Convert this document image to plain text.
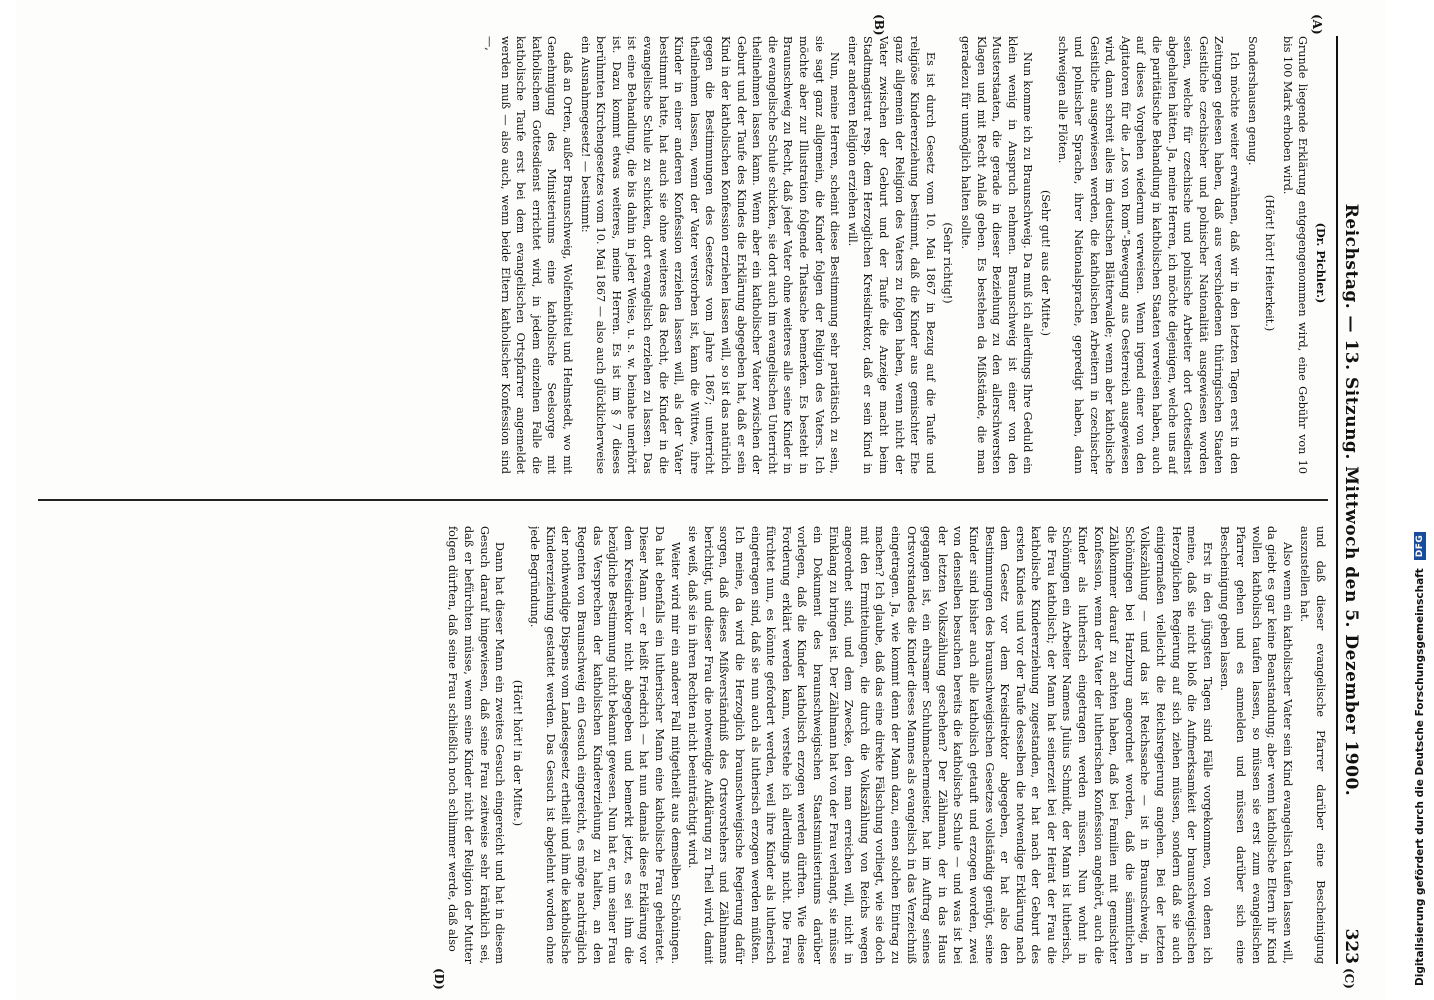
Reichstag. — 13. Sitzung. Mittwoch den 5. Dezember 1900.
323
(A)
(B)
(C)
(D)

(Dr. Pichler.)

Grunde liegende Erklärung entgegengenommen wird, eine Gebühr von 10 bis 100 Mark erhoben wird.

(Hört! hört! Heiterkeit.)

Sondershausen genug.

Ich möchte weiter erwähnen, daß wir in den letzten Tagen erst in den Zeitungen gelesen haben, daß aus verschiedenen thüringischen Staaten Geistliche czechischer und polnischer Nationalität ausgewiesen worden seien, welche für czechische und polnische Arbeiter dort Gottesdienst abgehalten hätten. Ja, meine Herren, ich möchte diejenigen, welche uns auf die paritätische Behandlung in katholischen Staaten verweisen haben, auch auf dieses Vorgehen wiederum verweisen. Wenn irgend einer von den Agitatoren für die „Los von Rom“-Bewegung aus Oesterreich ausgewiesen wird, dann schreit alles im deutschen Blätterwalde; wenn aber katholische Geistliche ausgewiesen werden, die katholischen Arbeitern in czechischer und polnischer Sprache, ihrer Nationalsprache, gepredigt haben, dann schweigen alle Flöten.

(Sehr gut! aus der Mitte.)

Nun komme ich zu Braunschweig. Da muß ich allerdings Ihre Geduld ein klein wenig in Anspruch nehmen. Braunschweig ist einer von den Musterstaaten, die gerade in dieser Beziehung zu den allerschwersten Klagen und mit Recht Anlaß geben. Es bestehen da Mißstände, die man geradezu für unmöglich halten sollte.

(Sehr richtig!)

Es ist durch Gesetz vom 10. Mai 1867 in Bezug auf die Taufe und religiöse Kindererziehung bestimmt, daß die Kinder aus gemischter Ehe ganz allgemein der Religion des Vaters zu folgen haben, wenn nicht der Vater zwischen der Geburt und der Taufe die Anzeige macht beim Stadtmagistrat resp. dem Herzoglichen Kreisdirektor, daß er sein Kind in einer anderen Religion erziehen will.

Nun, meine Herren, scheint diese Bestimmung sehr paritätisch zu sein, sie sagt ganz allgemein, die Kinder folgen der Religion des Vaters. Ich möchte aber zur Illustration folgende Thatsache bemerken. Es besteht in Braunschweig zu Recht, daß jeder Vater ohne weiteres alle seine Kinder in die evangelische Schule schicken, sie dort auch im evangelischen Unterricht theilnehmen lassen kann. Wenn aber ein katholischer Vater zwischen der Geburt und der Taufe des Kindes die Erklärung abgegeben hat, daß er sein Kind in der katholischen Konfession erziehen lassen will, so ist das natürlich gegen die Bestimmungen des Gesetzes vom Jahre 1867; unterricht theilnehmen lassen, wenn der Vater verstorben ist, kann die Wittwe, ihre Kinder in einer anderen Konfession erziehen lassen will, als der Vater bestimmt hatte, hat auch sie ohne weiteres das Recht, die Kinder in die evangelische Schule zu schicken, dort evangelisch erziehen zu lassen. Das ist eine Behandlung, die bis dahin in jeder Weise, u. s. w. beinahe unerhört ist. Dazu kommt etwas weiteres, meine Herren. Es ist im § 7 dieses berühmten Kirchengesetzes vom 10. Mai 1867 — also auch glücklicherweise ein Ausnahmegesetz! — bestimmt:

daß an Orten, außer Braunschweig, Wolfenbüttel und Helmstedt, wo mit Genehmigung des Ministeriums eine katholische Seelsorge mit katholischem Gottesdienst errichtet wird, in jedem einzelnen Falle die katholische Taufe erst bei dem evangelischen Ortspfarrer angemeldet werden muß — also auch, wenn beide Eltern katholischer Konfession sind —,

und daß dieser evangelische Pfarrer darüber eine Bescheinigung auszustellen hat.

Also wenn ein katholischer Vater sein Kind evangelisch taufen lassen will, da giebt es gar keine Beanstandung; aber wenn katholische Eltern ihr Kind wollen katholisch taufen lassen, so müssen sie erst zum evangelischen Pfarrer gehen und es anmelden und müssen darüber sich eine Bescheinigung geben lassen.

Erst in den jüngsten Tagen sind Fälle vorgekommen, von denen ich meine, daß sie nicht bloß die Aufmerksamkeit der braunschweigischen Herzoglichen Regierung auf sich ziehen müssen, sondern daß sie auch einigermaßen vielleicht die Reichsregierung angehen. Bei der letzten Volkszählung — und das ist Reichssache — ist in Braunschweig, in Schöningen bei Harzburg angeordnet worden, daß die sämmtlichen Zählkommer darauf zu achten haben, daß bei Familien mit gemischter Konfession, wenn der Vater der lutherischen Konfession angehört, auch die Kinder als lutherisch eingetragen werden müssen. Nun wohnt in Schöningen ein Arbeiter Namens Julius Schmidt, der Mann ist lutherisch, die Frau katholisch; der Mann hat seinerzeit bei der Heirat der Frau die katholische Kindererziehung zugestanden, er hat nach der Geburt des ersten Kindes und vor der Taufe desselben die notwendige Erklärung nach dem Gesetz vor dem Kreisdirektor abgegeben, er hat also den Bestimmungen des braunschweigischen Gesetzes vollständig genügt, seine Kinder sind bisher auch alle katholisch getauft und erzogen worden, zwei von denselben besuchen bereits die katholische Schule — und was ist bei der letzten Volkszählung geschehen? Der Zählmann, der in das Haus gegangen ist, ein ehrsamer Schuhmachermeister, hat im Auftrag seines Ortsvorstandes die Kinder dieses Mannes als evangelisch in das Verzeichniß eingetragen. Ja, wie kommt denn der Mann dazu, einen solchen Eintrag zu machen? Ich glaube, daß das eine direkte Fälschung vorliegt, wie sie doch mit den Ermittelungen, die durch die Volkszählung von Reichs wegen angeordnet sind, und dem Zwecke, den man erreichen will, nicht in Einklang zu bringen ist. Der Zählmann hat von der Frau verlangt, sie müsse ein Dokument des braunschweigischen Staatsministeriums darüber vorlegen, daß die Kinder katholisch erzogen werden dürften. Wie diese Forderung erklärt werden kann, verstehe ich allerdings nicht. Die Frau fürchtet nun, es könnte gefordert werden, weil ihre Kinder als lutherisch eingetragen sind, daß sie nun auch als lutherisch erzogen werden müßten. Ich meine, da wird die Herzoglich braunschweigische Regierung dafür sorgen, daß dieses Mißverständniß des Ortsvorstehers und Zählmanns berichtigt, und dieser Frau die notwendige Aufklärung zu Theil wird, damit sie weiß, daß sie in ihren Rechten nicht beeinträchtigt wird.

Weiter wird mir ein anderer Fall mitgetheilt aus demselben Schöningen. Da hat ebenfalls ein lutherischer Mann eine katholische Frau geheiratet. Dieser Mann — er heißt Friedrich — hat nun damals diese Erklärung vor dem Kreisdirektor nicht abgegeben und bemerkt jetzt, es sei ihm die bezügliche Bestimmung nicht bekannt gewesen. Nun hat er, um seiner Frau das Versprechen der katholischen Kindererziehung zu halten, an den Regenten von Braunschweig ein Gesuch eingereicht, es möge nachträglich der nothwendige Dispens vom Landesgesetz ertheilt und ihm die katholische Kindererziehung gestattet werden. Das Gesuch ist abgelehnt worden ohne jede Begründung.

(Hört! hört! in der Mitte.)

Dann hat dieser Mann ein zweites Gesuch eingereicht und hat in diesem Gesuch darauf hingewiesen, daß seine Frau zeitweise sehr kränklich sei, daß er befürchten müsse, wenn seine Kinder nicht der Religion der Mutter folgen dürften, daß seine Frau schließlich noch schlimmer werde, daß also	Digitalisierung gefördert durch die Deutsche Forschungsgemeinschaft
DFG
